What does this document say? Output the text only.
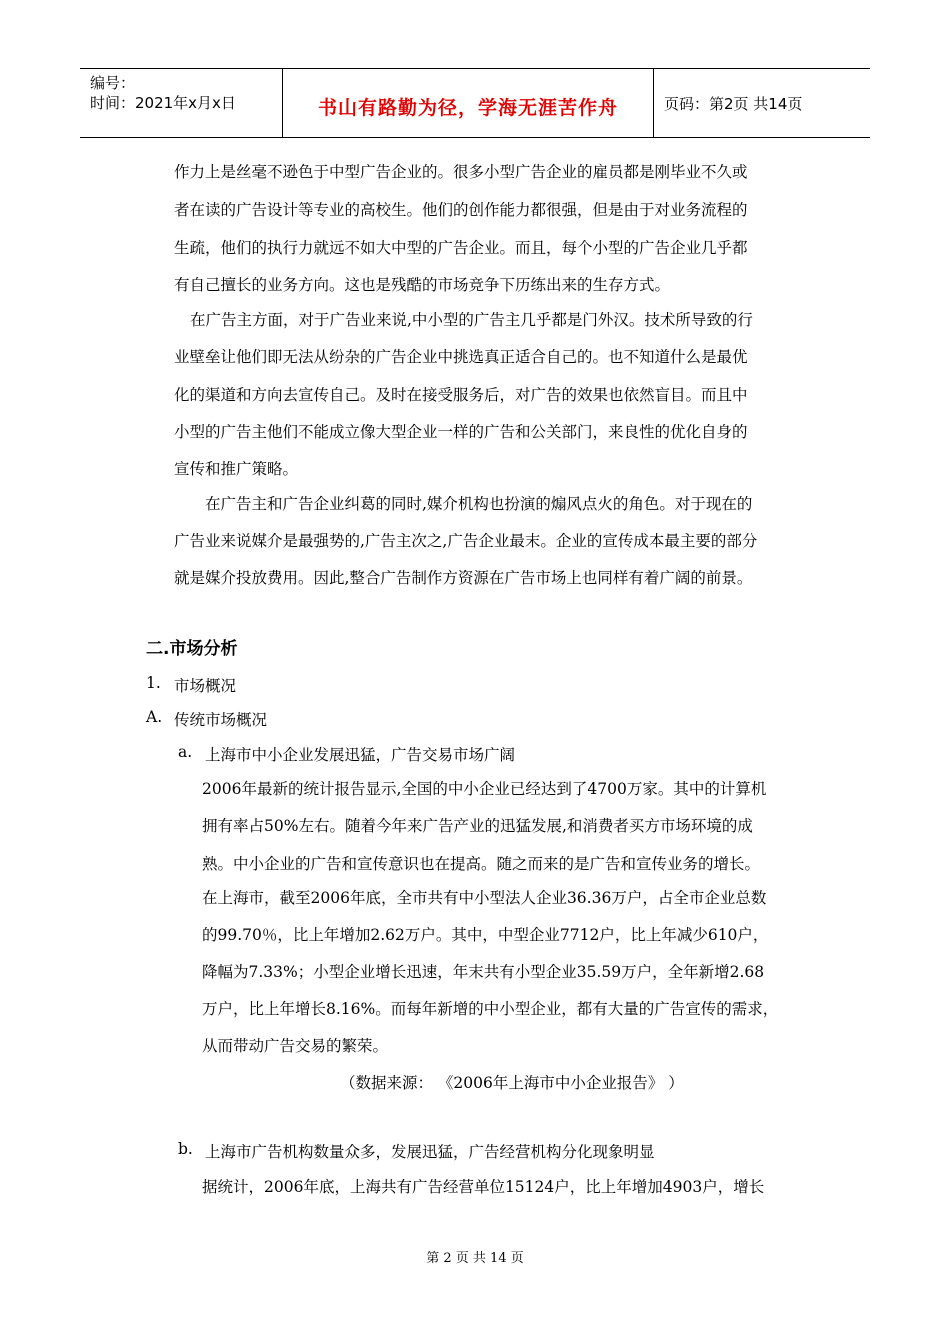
编号：
时间：2021年x月x日	书山有路勤为径，学海无涯苦作舟	页码：第2页 共14页
作力上是丝毫不逊色于中型广告企业的。很多小型广告企业的雇员都是刚毕业不久或
者在读的广告设计等专业的高校生。他们的创作能力都很强，但是由于对业务流程的
生疏，他们的执行力就远不如大中型的广告企业。而且，每个小型的广告企业几乎都
有自己擅长的业务方向。这也是残酷的市场竞争下历练出来的生存方式。
在广告主方面，对于广告业来说,中小型的广告主几乎都是门外汉。技术所导致的行
业壁垒让他们即无法从纷杂的广告企业中挑选真正适合自己的。也不知道什么是最优
化的渠道和方向去宣传自己。及时在接受服务后，对广告的效果也依然盲目。而且中
小型的广告主他们不能成立像大型企业一样的广告和公关部门，来良性的优化自身的
宣传和推广策略。
在广告主和广告企业纠葛的同时,媒介机构也扮演的煽风点火的角色。对于现在的
广告业来说媒介是最强势的,广告主次之,广告企业最末。企业的宣传成本最主要的部分
就是媒介投放费用。因此,整合广告制作方资源在广告市场上也同样有着广阔的前景。
二.市场分析
1. 市场概况
A. 传统市场概况
a. 上海市中小企业发展迅猛，广告交易市场广阔
2006年最新的统计报告显示,全国的中小企业已经达到了4700万家。其中的计算机
拥有率占50%左右。随着今年来广告产业的迅猛发展,和消费者买方市场环境的成
熟。中小企业的广告和宣传意识也在提高。随之而来的是广告和宣传业务的增长。
在上海市，截至2006年底，全市共有中小型法人企业36.36万户，占全市企业总数
的99.70％，比上年增加2.62万户。其中，中型企业7712户，比上年减少610户，
降幅为7.33%；小型企业增长迅速，年末共有小型企业35.59万户，全年新增2.68
万户，比上年增长8.16%。而每年新增的中小型企业，都有大量的广告宣传的需求，
从而带动广告交易的繁荣。
（数据来源： 《2006年上海市中小企业报告》 ）
b. 上海市广告机构数量众多，发展迅猛，广告经营机构分化现象明显
据统计，2006年底，上海共有广告经营单位15124户，比上年增加4903户，增长
第 2 页 共 14 页
